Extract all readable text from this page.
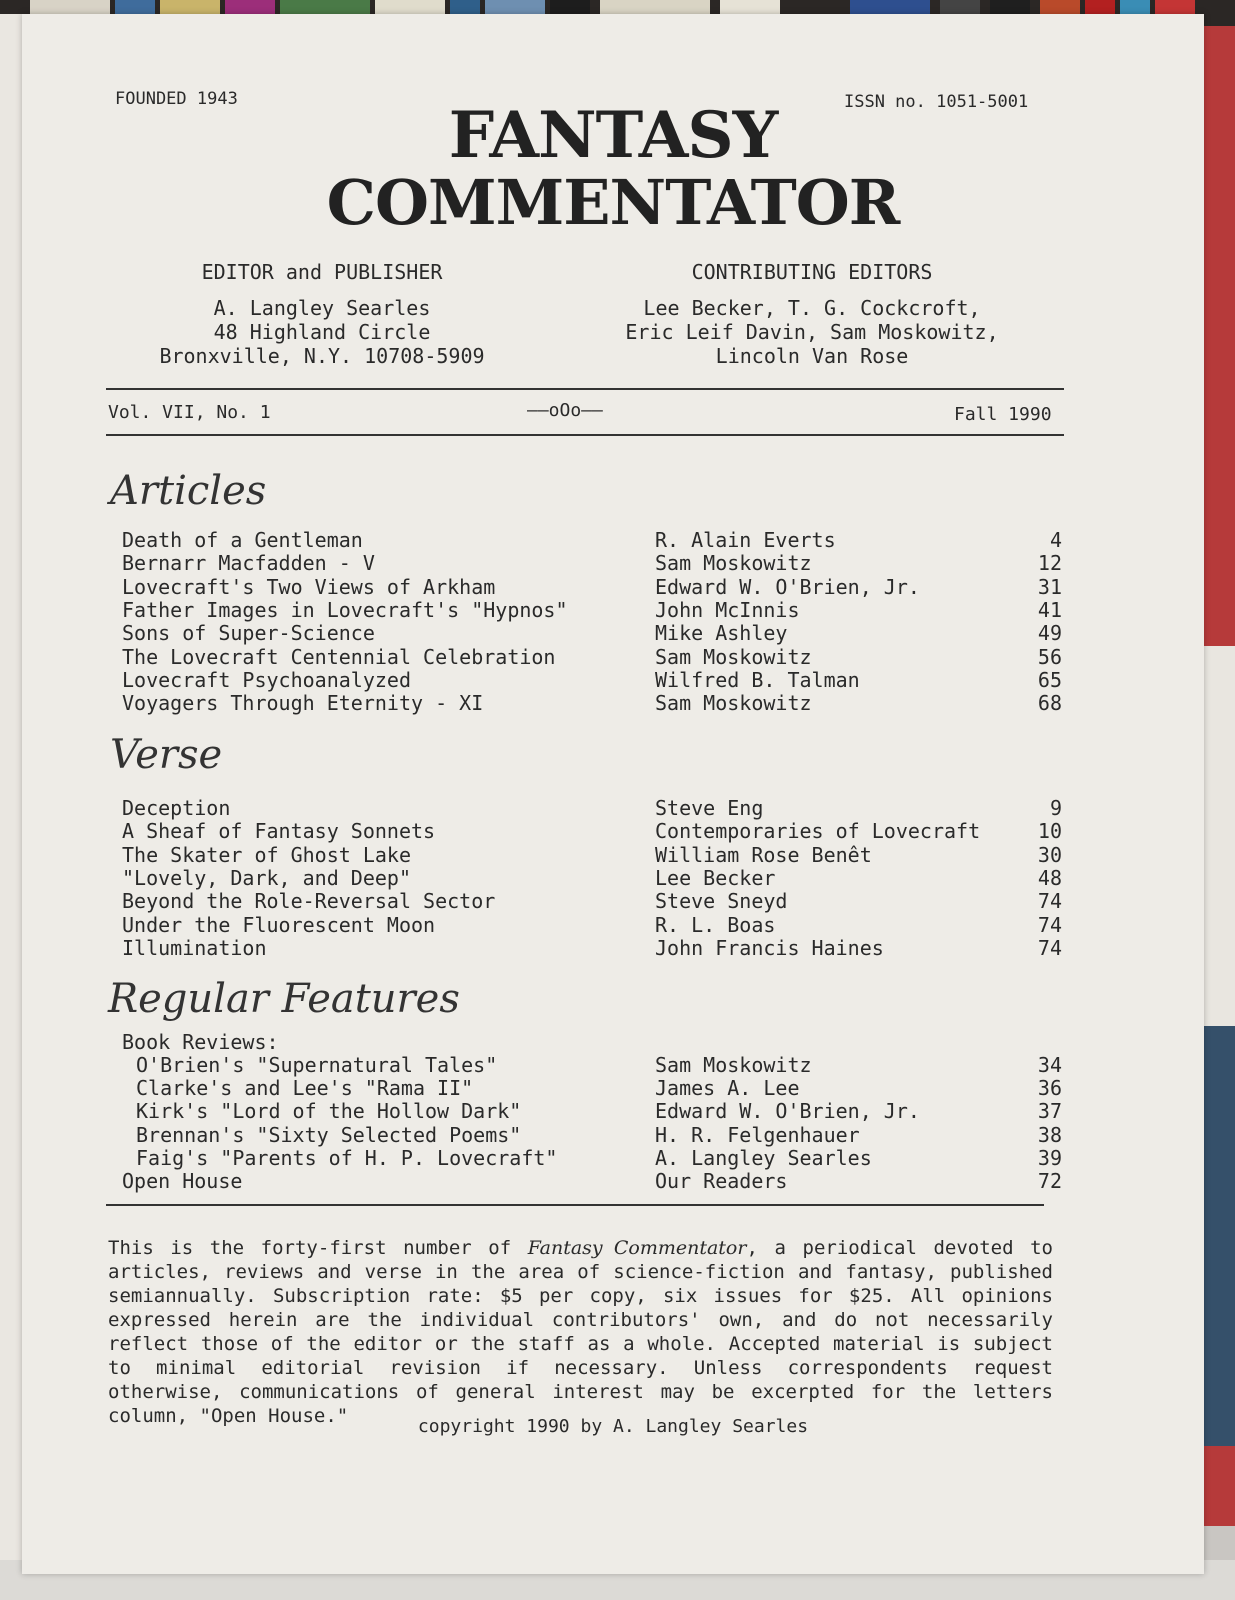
FOUNDED 1943	ISSN no. 1051-5001
FANTASY
COMMENTATOR
EDITOR and PUBLISHER
A. Langley Searles
48 Highland Circle
Bronxville, N.Y. 10708-5909
CONTRIBUTING EDITORS
Lee Becker, T. G. Cockcroft,
Eric Leif Davin, Sam Moskowitz,
Lincoln Van Rose
Vol. VII, No. 1	——oOo——	Fall 1990
Articles
Death of a Gentleman	R. Alain Everts	4
Bernarr Macfadden - V	Sam Moskowitz	12
Lovecraft's Two Views of Arkham	Edward W. O'Brien, Jr.	31
Father Images in Lovecraft's "Hypnos"	John McInnis	41
Sons of Super-Science	Mike Ashley	49
The Lovecraft Centennial Celebration	Sam Moskowitz	56
Lovecraft Psychoanalyzed	Wilfred B. Talman	65
Voyagers Through Eternity - XI	Sam Moskowitz	68
Verse
Deception	Steve Eng	9
A Sheaf of Fantasy Sonnets	Contemporaries of Lovecraft	10
The Skater of Ghost Lake	William Rose Benêt	30
"Lovely, Dark, and Deep"	Lee Becker	48
Beyond the Role-Reversal Sector	Steve Sneyd	74
Under the Fluorescent Moon	R. L. Boas	74
Illumination	John Francis Haines	74
Regular Features
Book Reviews:
O'Brien's "Supernatural Tales"	Sam Moskowitz	34
Clarke's and Lee's "Rama II"	James A. Lee	36
Kirk's "Lord of the Hollow Dark"	Edward W. O'Brien, Jr.	37
Brennan's "Sixty Selected Poems"	H. R. Felgenhauer	38
Faig's "Parents of H. P. Lovecraft"	A. Langley Searles	39
Open House	Our Readers	72
This is the forty-first number of Fantasy Commentator, a periodical devoted to articles, reviews and verse in the area of science-fiction and fantasy, published semiannually. Subscription rate: $5 per copy, six issues for $25. All opinions expressed herein are the individual contributors' own, and do not necessarily reflect those of the editor or the staff as a whole. Accepted material is subject to minimal editorial revision if necessary. Unless correspondents request otherwise, communications of general interest may be excerpted for the letters column, "Open House."	copyright 1990 by A. Langley Searles
